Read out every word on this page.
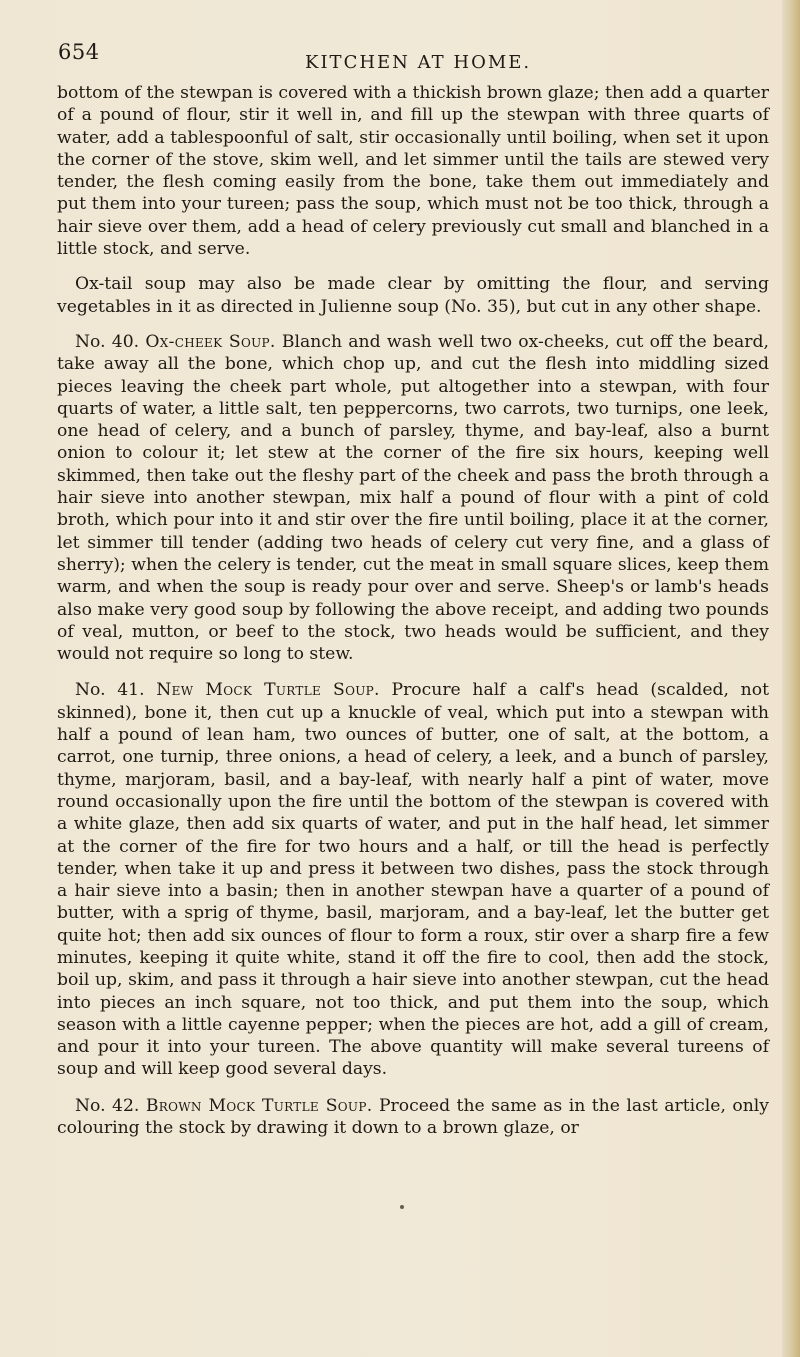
654	KITCHEN AT HOME.

bottom of the stewpan is covered with a thickish brown glaze; then add a quarter of a pound of flour, stir it well in, and fill up the stewpan with three quarts of water, add a tablespoonful of salt, stir occasionally until boiling, when set it upon the corner of the stove, skim well, and let simmer until the tails are stewed very tender, the flesh coming easily from the bone, take them out immediately and put them into your tureen; pass the soup, which must not be too thick, through a hair sieve over them, add a head of celery previously cut small and blanched in a little stock, and serve.

Ox-tail soup may also be made clear by omitting the flour, and serving vegetables in it as directed in Julienne soup (No. 35), but cut in any other shape.

No. 40. Ox-cheek Soup. Blanch and wash well two ox-cheeks, cut off the beard, take away all the bone, which chop up, and cut the flesh into middling sized pieces leaving the cheek part whole, put altogether into a stewpan, with four quarts of water, a little salt, ten peppercorns, two carrots, two turnips, one leek, one head of celery, and a bunch of parsley, thyme, and bay-leaf, also a burnt onion to colour it; let stew at the corner of the fire six hours, keeping well skimmed, then take out the fleshy part of the cheek and pass the broth through a hair sieve into another stewpan, mix half a pound of flour with a pint of cold broth, which pour into it and stir over the fire until boiling, place it at the corner, let simmer till tender (adding two heads of celery cut very fine, and a glass of sherry); when the celery is tender, cut the meat in small square slices, keep them warm, and when the soup is ready pour over and serve. Sheep's or lamb's heads also make very good soup by following the above receipt, and adding two pounds of veal, mutton, or beef to the stock, two heads would be sufficient, and they would not require so long to stew.

No. 41. New Mock Turtle Soup. Procure half a calf's head (scalded, not skinned), bone it, then cut up a knuckle of veal, which put into a stewpan with half a pound of lean ham, two ounces of butter, one of salt, at the bottom, a carrot, one turnip, three onions, a head of celery, a leek, and a bunch of parsley, thyme, marjoram, basil, and a bay-leaf, with nearly half a pint of water, move round occasionally upon the fire until the bottom of the stewpan is covered with a white glaze, then add six quarts of water, and put in the half head, let simmer at the corner of the fire for two hours and a half, or till the head is perfectly tender, when take it up and press it between two dishes, pass the stock through a hair sieve into a basin; then in another stewpan have a quarter of a pound of butter, with a sprig of thyme, basil, marjoram, and a bay-leaf, let the butter get quite hot; then add six ounces of flour to form a roux, stir over a sharp fire a few minutes, keeping it quite white, stand it off the fire to cool, then add the stock, boil up, skim, and pass it through a hair sieve into another stewpan, cut the head into pieces an inch square, not too thick, and put them into the soup, which season with a little cayenne pepper; when the pieces are hot, add a gill of cream, and pour it into your tureen. The above quantity will make several tureens of soup and will keep good several days.

No. 42. Brown Mock Turtle Soup. Proceed the same as in the last article, only colouring the stock by drawing it down to a brown glaze, or
